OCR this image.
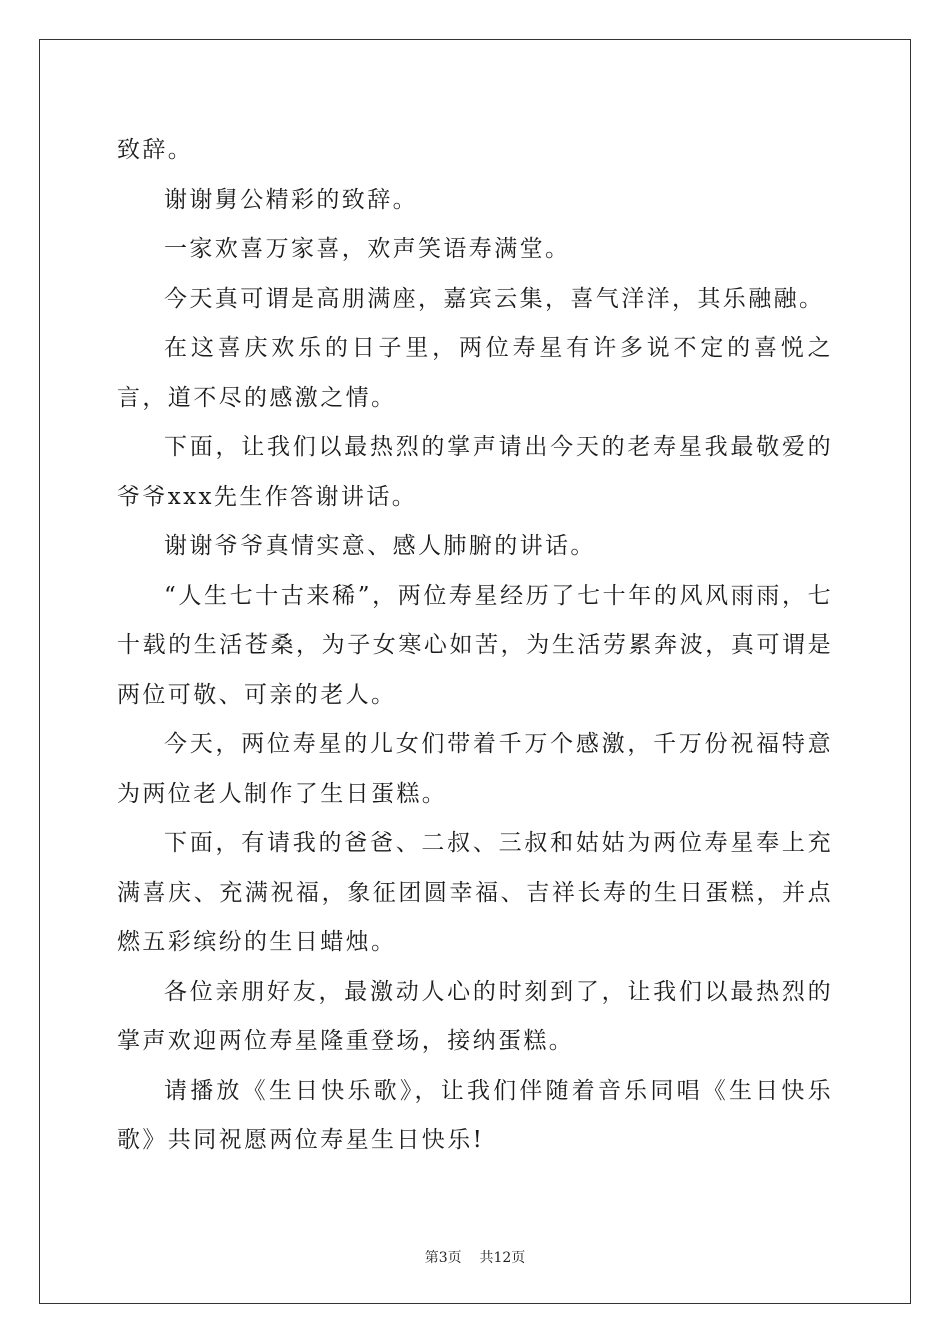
致辞。

谢谢舅公精彩的致辞。

一家欢喜万家喜，欢声笑语寿满堂。

今天真可谓是高朋满座，嘉宾云集，喜气洋洋，其乐融融。

在这喜庆欢乐的日子里，两位寿星有许多说不定的喜悦之言，道不尽的感激之情。

下面，让我们以最热烈的掌声请出今天的老寿星我最敬爱的爷爷xxx先生作答谢讲话。

谢谢爷爷真情实意、感人肺腑的讲话。

“人生七十古来稀”，两位寿星经历了七十年的风风雨雨，七十载的生活苍桑，为子女寒心如苦，为生活劳累奔波，真可谓是两位可敬、可亲的老人。

今天，两位寿星的儿女们带着千万个感激，千万份祝福特意为两位老人制作了生日蛋糕。

下面，有请我的爸爸、二叔、三叔和姑姑为两位寿星奉上充满喜庆、充满祝福，象征团圆幸福、吉祥长寿的生日蛋糕，并点燃五彩缤纷的生日蜡烛。

各位亲朋好友，最激动人心的时刻到了，让我们以最热烈的掌声欢迎两位寿星隆重登场，接纳蛋糕。

请播放《生日快乐歌》，让我们伴随着音乐同唱《生日快乐歌》共同祝愿两位寿星生日快乐!

第3页    共12页
